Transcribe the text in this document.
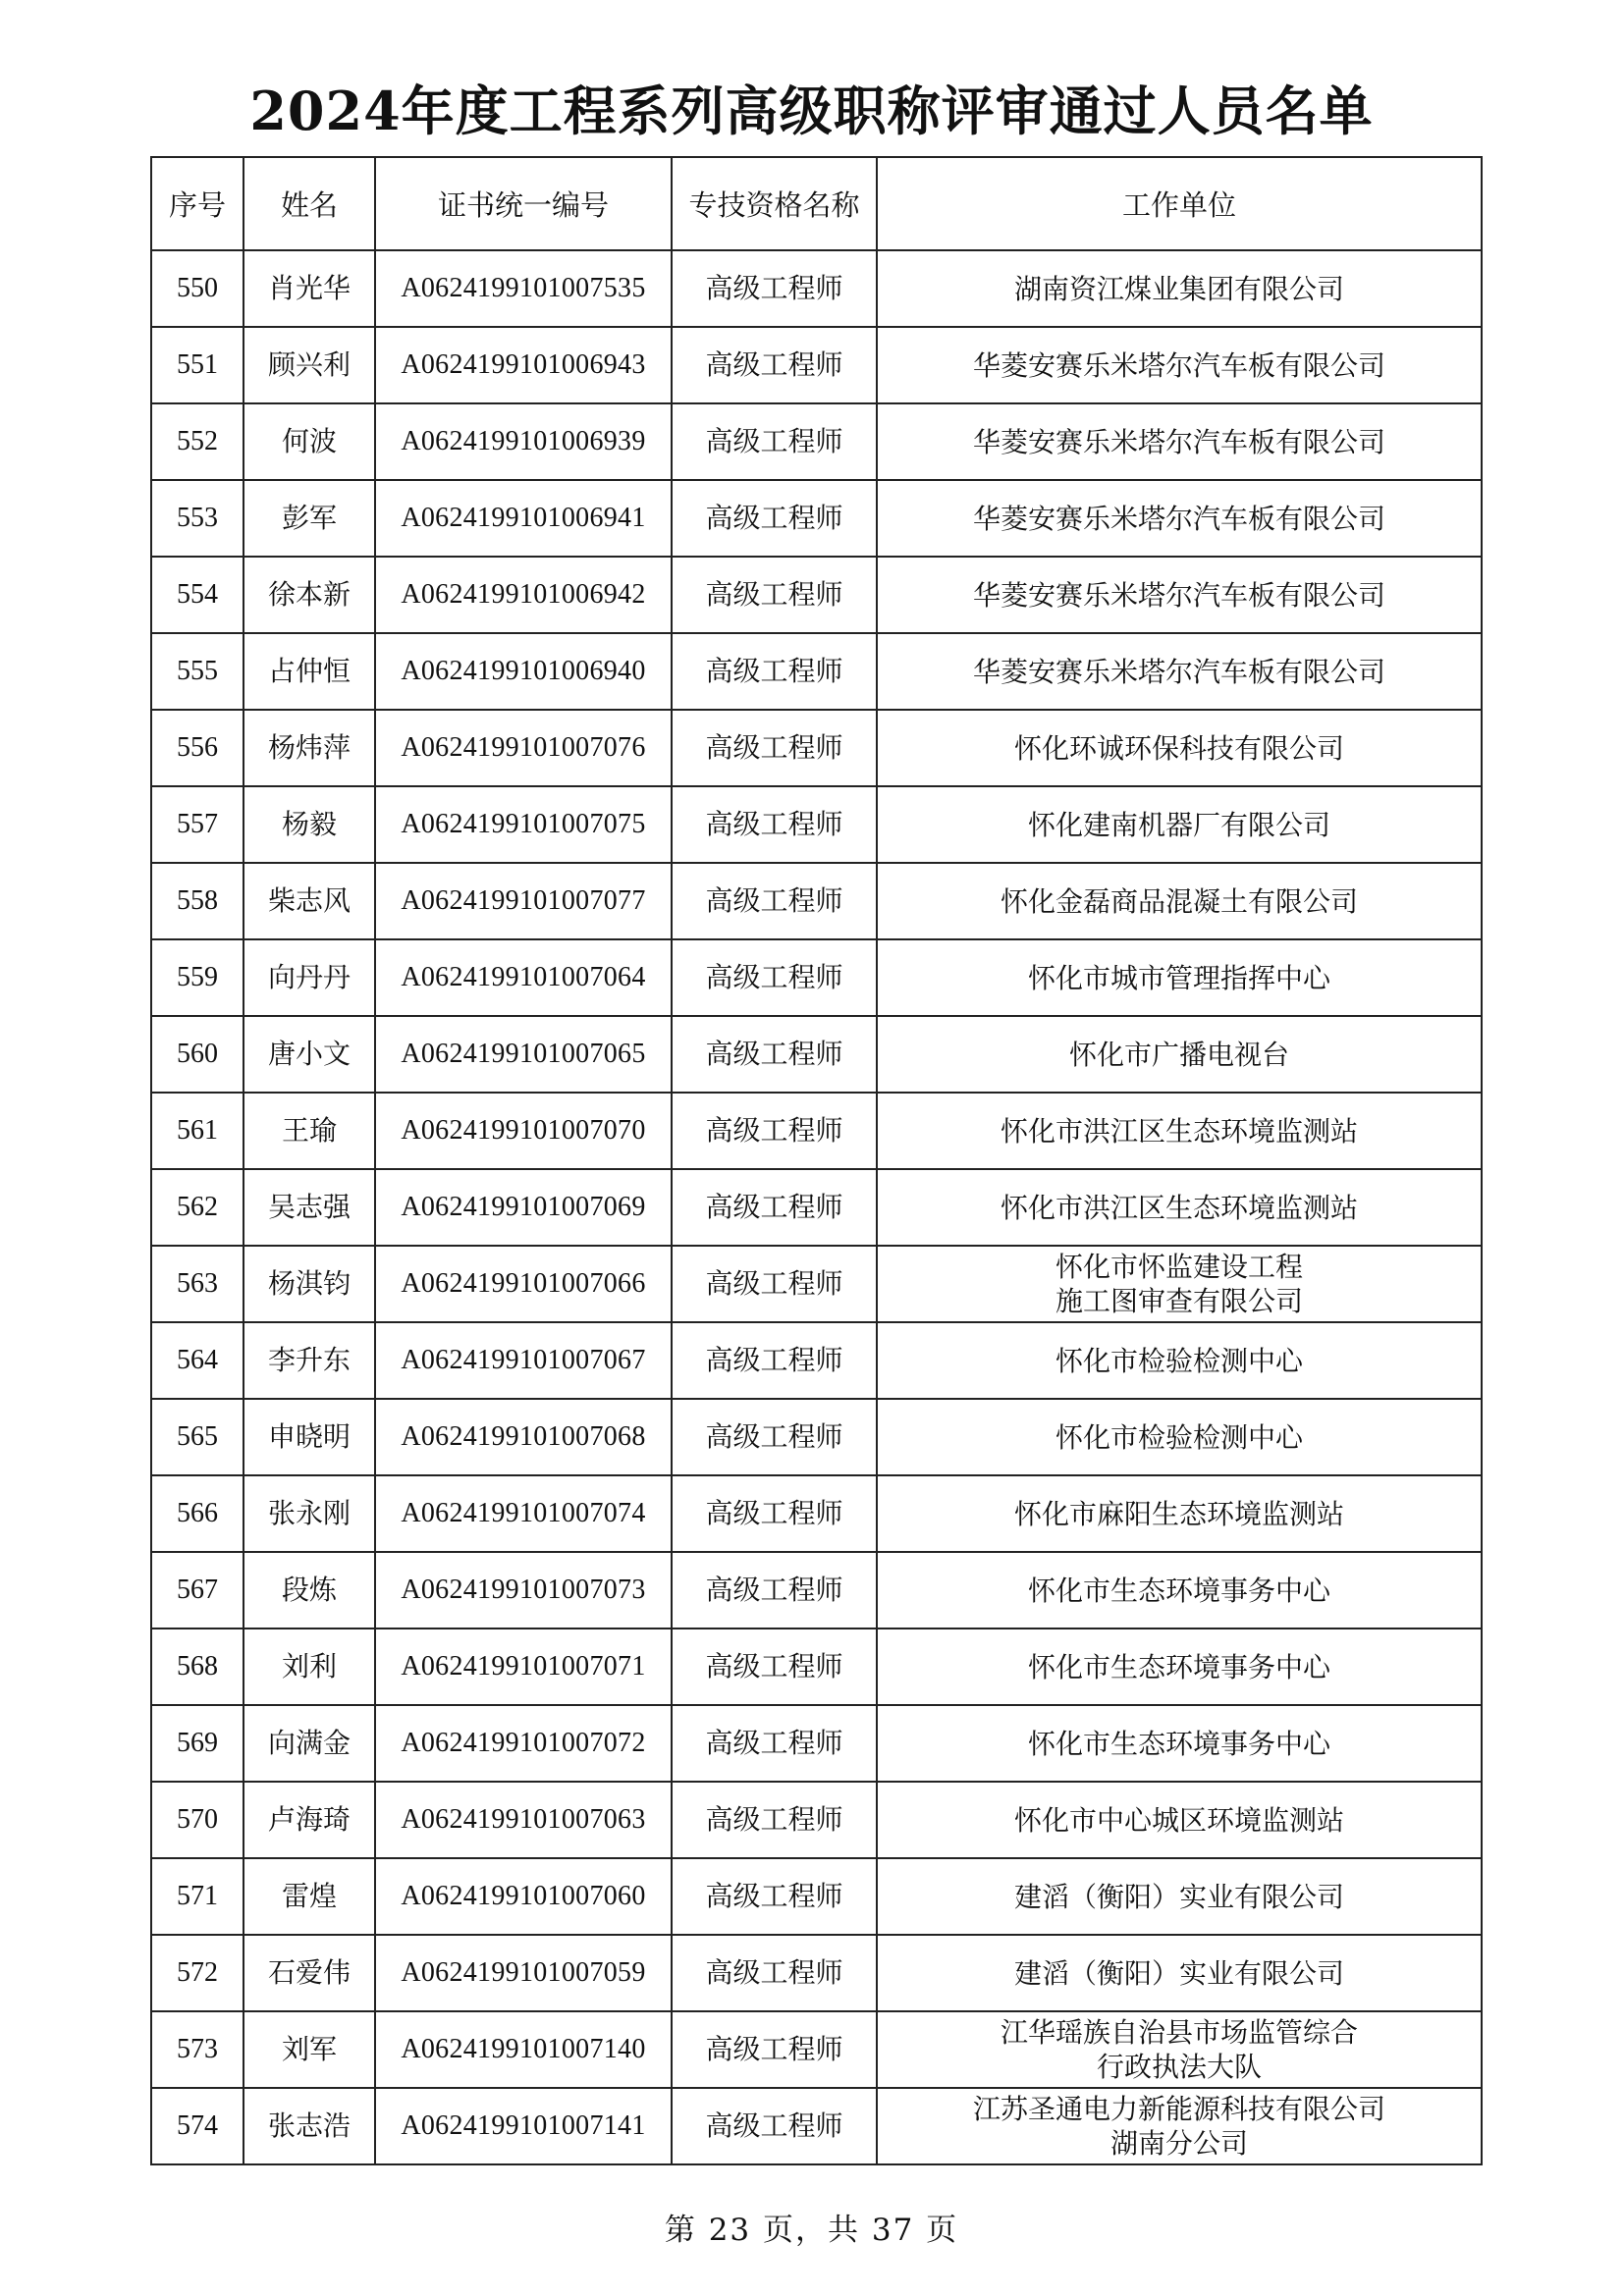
2024年度工程系列高级职称评审通过人员名单
序号	姓名	证书统一编号	专技资格名称	工作单位
550	肖光华	A0624199101007535	高级工程师	湖南资江煤业集团有限公司

551	顾兴利	A0624199101006943	高级工程师	华菱安赛乐米塔尔汽车板有限公司

552	何波	A0624199101006939	高级工程师	华菱安赛乐米塔尔汽车板有限公司

553	彭军	A0624199101006941	高级工程师	华菱安赛乐米塔尔汽车板有限公司

554	徐本新	A0624199101006942	高级工程师	华菱安赛乐米塔尔汽车板有限公司

555	占仲恒	A0624199101006940	高级工程师	华菱安赛乐米塔尔汽车板有限公司

556	杨炜萍	A0624199101007076	高级工程师	怀化环诚环保科技有限公司

557	杨毅	A0624199101007075	高级工程师	怀化建南机器厂有限公司

558	柴志风	A0624199101007077	高级工程师	怀化金磊商品混凝土有限公司

559	向丹丹	A0624199101007064	高级工程师	怀化市城市管理指挥中心

560	唐小文	A0624199101007065	高级工程师	怀化市广播电视台

561	王瑜	A0624199101007070	高级工程师	怀化市洪江区生态环境监测站

562	吴志强	A0624199101007069	高级工程师	怀化市洪江区生态环境监测站

563	杨淇钧	A0624199101007066	高级工程师	怀化市怀监建设工程
施工图审查有限公司

564	李升东	A0624199101007067	高级工程师	怀化市检验检测中心

565	申晓明	A0624199101007068	高级工程师	怀化市检验检测中心

566	张永刚	A0624199101007074	高级工程师	怀化市麻阳生态环境监测站

567	段炼	A0624199101007073	高级工程师	怀化市生态环境事务中心

568	刘利	A0624199101007071	高级工程师	怀化市生态环境事务中心

569	向满金	A0624199101007072	高级工程师	怀化市生态环境事务中心

570	卢海琦	A0624199101007063	高级工程师	怀化市中心城区环境监测站

571	雷煌	A0624199101007060	高级工程师	建滔（衡阳）实业有限公司

572	石爱伟	A0624199101007059	高级工程师	建滔（衡阳）实业有限公司

573	刘军	A0624199101007140	高级工程师	江华瑶族自治县市场监管综合
行政执法大队

574	张志浩	A0624199101007141	高级工程师	江苏圣通电力新能源科技有限公司
湖南分公司
第 23 页，共 37 页
